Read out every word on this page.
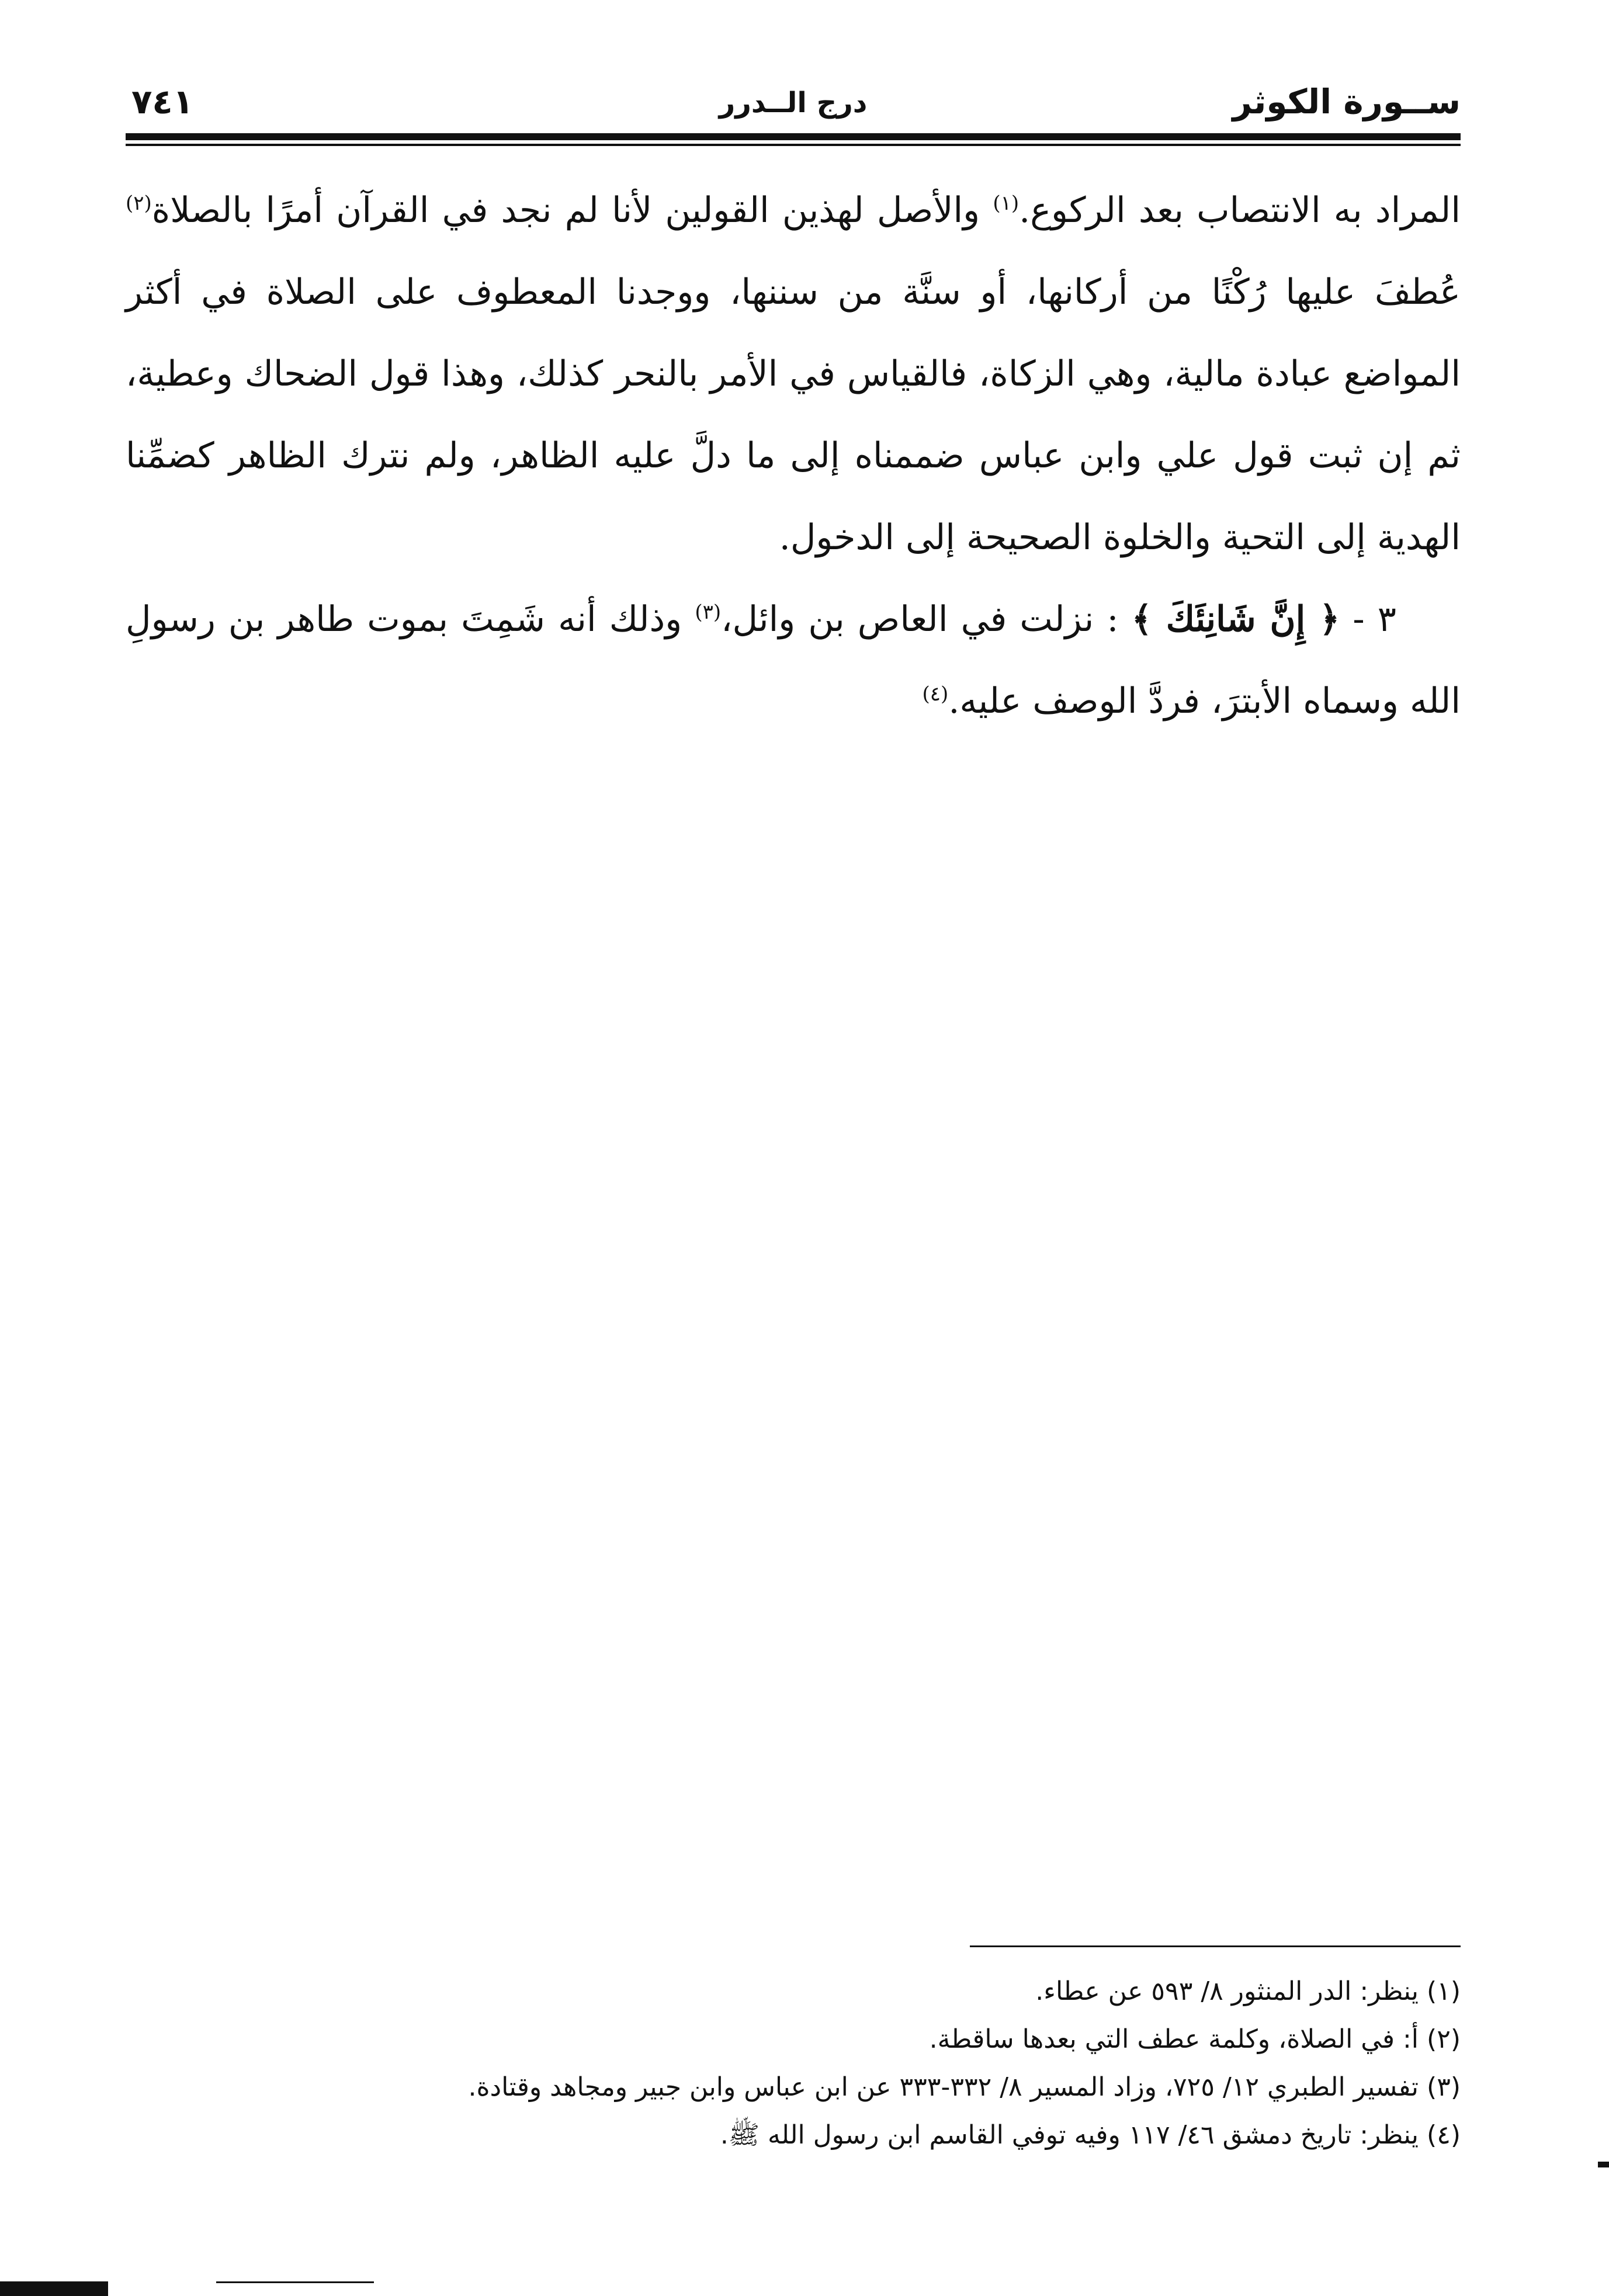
ســورة الكوثر
درج الــدرر
٧٤١

المراد به الانتصاب بعد الركوع.$^{(١)}$ والأصل لهذين القولين لأنا لم نجد في القرآن أمرًا بالصلاة$^{(٢)}$ عُطفَ عليها رُكْنًا من أركانها، أو سنَّة من سننها، ووجدنا المعطوف على الصلاة في أكثر المواضع عبادة مالية، وهي الزكاة، فالقياس في الأمر بالنحر كذلك، وهذا قول الضحاك وعطية، ثم إن ثبت قول علي وابن عباس ضممناه إلى ما دلَّ عليه الظاهر، ولم نترك الظاهر كضمِّنا الهدية إلى التحية والخلوة الصحيحة إلى الدخول.

٣ - ﴿ إِنَّ شَانِئَكَ ﴾ : نزلت في العاص بن وائل،$^{(٣)}$ وذلك أنه شَمِتَ بموت طاهر بن رسولِ الله وسماه الأبترَ، فردَّ الوصف عليه.$^{(٤)}$

(١) ينظر: الدر المنثور ٨/ ٥٩٣ عن عطاء.
(٢) أ: في الصلاة، وكلمة عطف التي بعدها ساقطة.
(٣) تفسير الطبري ١٢/ ٧٢٥، وزاد المسير ٨/ ٣٣٢-٣٣٣ عن ابن عباس وابن جبير ومجاهد وقتادة.
(٤) ينظر: تاريخ دمشق ٤٦/ ١١٧ وفيه توفي القاسم ابن رسول الله ﷺ.
